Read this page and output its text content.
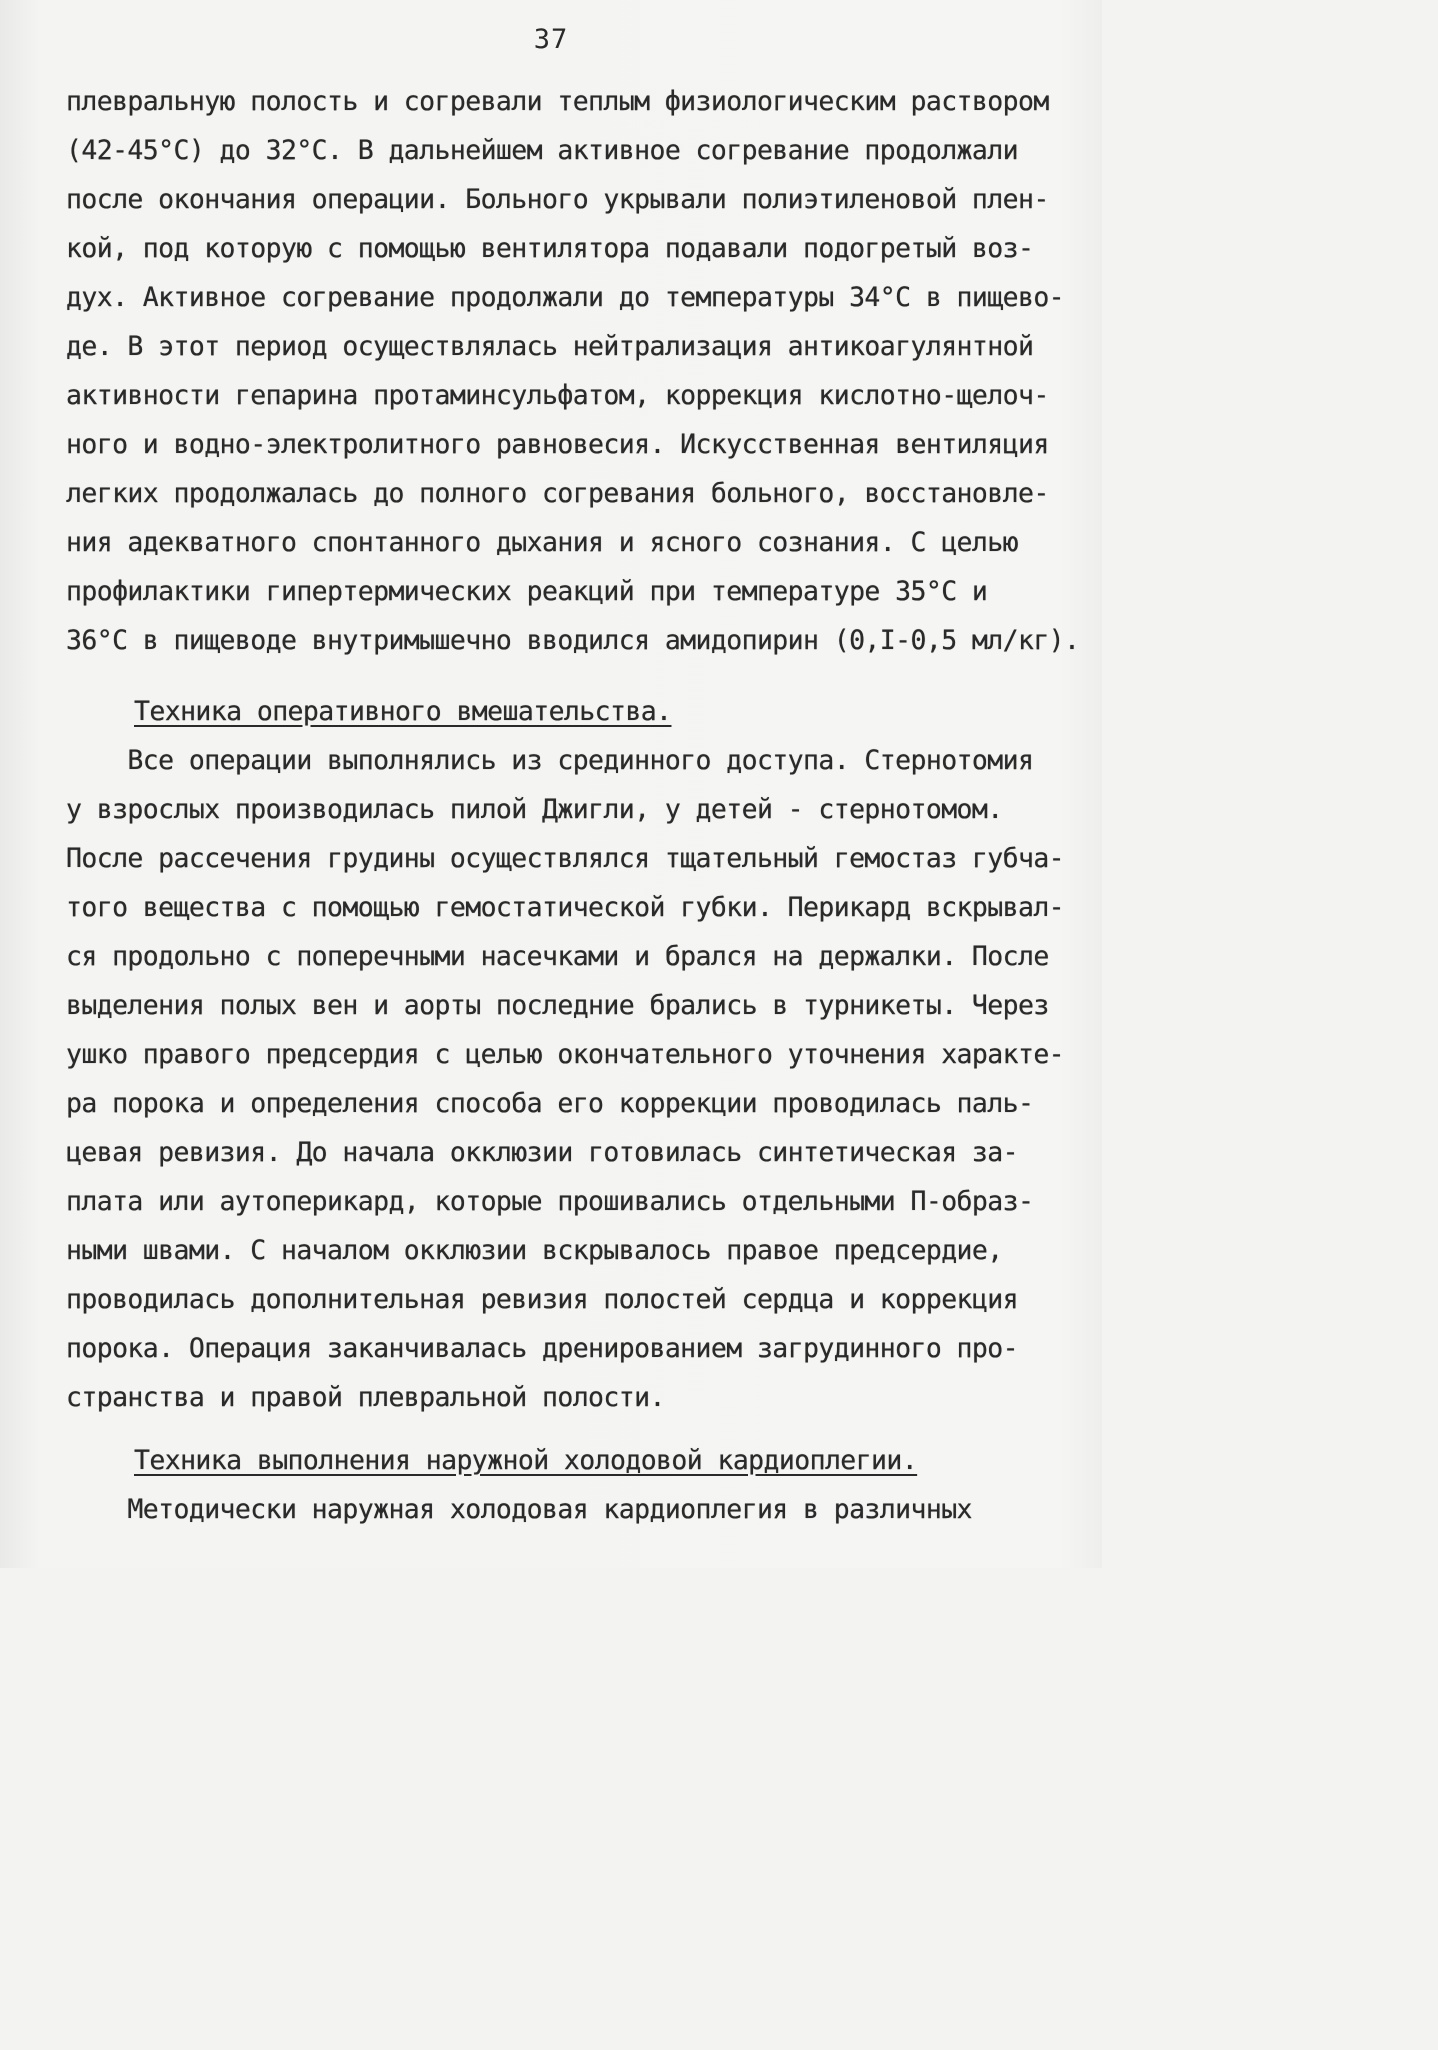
37
плевральную полость и согревали теплым физиологическим раствором
(42-45°С) до 32°С. В дальнейшем активное согревание продолжали
после окончания операции. Больного укрывали полиэтиленовой плен-
кой, под которую с помощью вентилятора подавали подогретый воз-
дух. Активное согревание продолжали до температуры 34°С в пищево-
де. В этот период осуществлялась нейтрализация антикоагулянтной
активности гепарина протаминсульфатом, коррекция кислотно-щелоч-
ного и водно-электролитного равновесия. Искусственная вентиляция
легких продолжалась до полного согревания больного, восстановле-
ния адекватного спонтанного дыхания и ясного сознания. С целью
профилактики гипертермических реакций при температуре 35°С и
36°С в пищеводе внутримышечно вводился амидопирин (0,I-0,5 мл/кг).
Техника оперативного вмешательства.
Все операции выполнялись из срединного доступа. Стернотомия
у взрослых производилась пилой Джигли, у детей - стернотомом.
После рассечения грудины осуществлялся тщательный гемостаз губча-
того вещества с помощью гемостатической губки. Перикард вскрывал-
ся продольно с поперечными насечками и брался на держалки. После
выделения полых вен и аорты последние брались в турникеты. Через
ушко правого предсердия с целью окончательного уточнения характе-
ра порока и определения способа его коррекции проводилась паль-
цевая ревизия. До начала окклюзии готовилась синтетическая за-
плата или аутоперикард, которые прошивались отдельными П-образ-
ными швами. С началом окклюзии вскрывалось правое предсердие,
проводилась дополнительная ревизия полостей сердца и коррекция
порока. Операция заканчивалась дренированием загрудинного про-
странства и правой плевральной полости.
Техника выполнения наружной холодовой кардиоплегии.
Методически наружная холодовая кардиоплегия в различных
